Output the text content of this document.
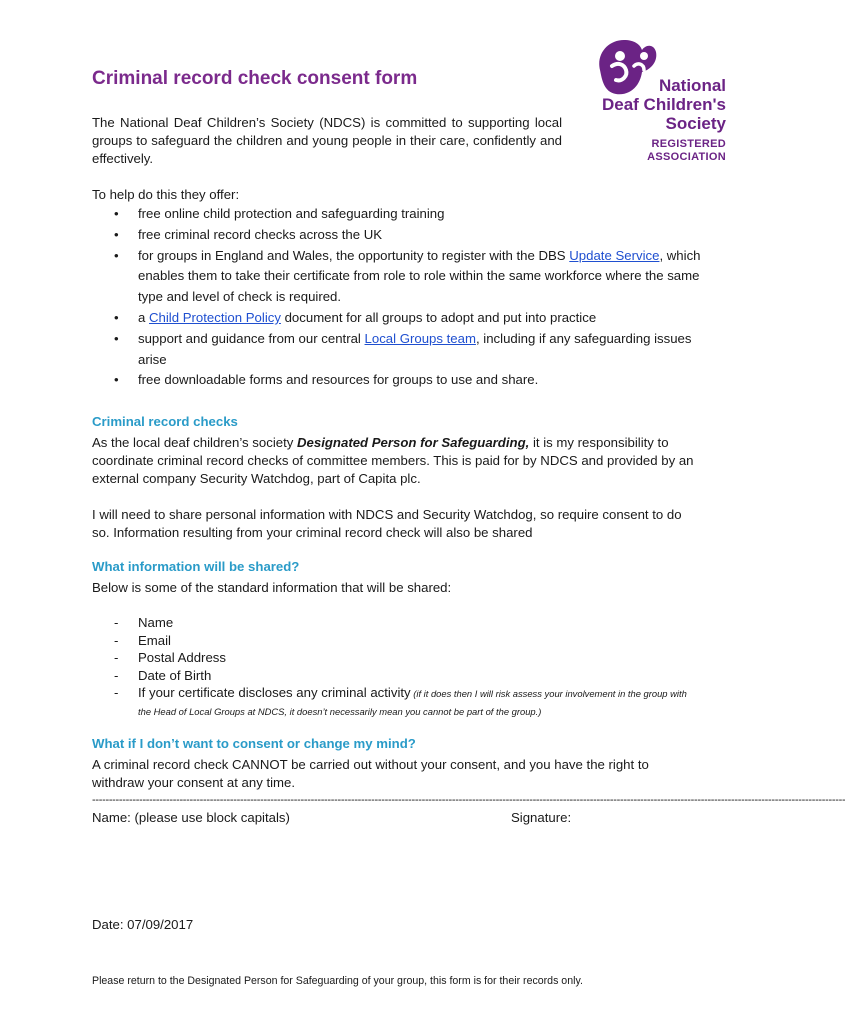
Criminal record check consent form	National
Deaf Children's
Society
REGISTERED
ASSOCIATION
The National Deaf Children’s Society (NDCS) is committed to supporting local groups to safeguard the children and young people in their care, confidently and effectively.
To help do this they offer:
• free online child protection and safeguarding training
• free criminal record checks across the UK
• for groups in England and Wales, the opportunity to register with the DBS Update Service, which enables them to take their certificate from role to role within the same workforce where the same type and level of check is required.
• a Child Protection Policy document for all groups to adopt and put into practice
• support and guidance from our central Local Groups team, including if any safeguarding issues arise
• free downloadable forms and resources for groups to use and share.
Criminal record checks
As the local deaf children’s society Designated Person for Safeguarding, it is my responsibility to coordinate criminal record checks of committee members. This is paid for by NDCS and provided by an external company Security Watchdog, part of Capita plc.
I will need to share personal information with NDCS and Security Watchdog, so require consent to do so. Information resulting from your criminal record check will also be shared
What information will be shared?
Below is some of the standard information that will be shared:
- Name
- Email
- Postal Address
- Date of Birth
- If your certificate discloses any criminal activity (if it does then I will risk assess your involvement in the group with the Head of Local Groups at NDCS, it doesn’t necessarily mean you cannot be part of the group.)
What if I don’t want to consent or change my mind?
A criminal record check CANNOT be carried out without your consent, and you have the right to withdraw your consent at any time.
--------------------------------------------------------------------------------------------------------------------------------------------------------------------------------------------------------------------------------
Name: (please use block capitals)	Signature:
Date: 07/09/2017
Please return to the Designated Person for Safeguarding of your group, this form is for their records only.
